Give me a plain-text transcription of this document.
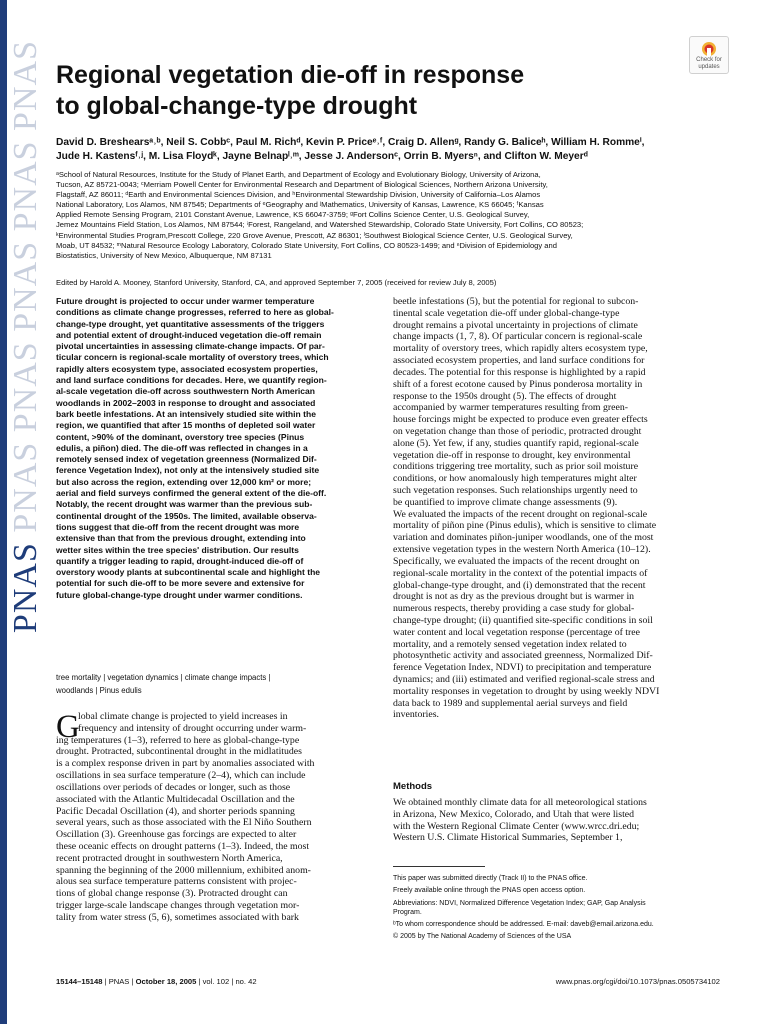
PNAS PNAS PNAS PNAS PNAS PNAS	Check for updates
Regional vegetation die-off in response
to global-change-type drought
David D. Breshearsᵃ˒ᵇ, Neil S. Cobbᶜ, Paul M. Richᵈ, Kevin P. Priceᵉ˒ᶠ, Craig D. Allenᵍ, Randy G. Baliceʰ, William H. Rommeⁱ,
Jude H. Kastensᶠ˒ʲ, M. Lisa Floydᵏ, Jayne Belnapˡ˒ᵐ, Jesse J. Andersonᶜ, Orrin B. Myersⁿ, and Clifton W. Meyerᵈ
ᵃSchool of Natural Resources, Institute for the Study of Planet Earth, and Department of Ecology and Evolutionary Biology, University of Arizona,
Tucson, AZ 85721-0043; ᶜMerriam Powell Center for Environmental Research and Department of Biological Sciences, Northern Arizona University,
Flagstaff, AZ 86011; ᵈEarth and Environmental Sciences Division, and ʰEnvironmental Stewardship Division, University of California–Los Alamos
National Laboratory, Los Alamos, NM 87545; Departments of ᵉGeography and ʲMathematics, University of Kansas, Lawrence, KS 66045; ᶠKansas
Applied Remote Sensing Program, 2101 Constant Avenue, Lawrence, KS 66047-3759; ᵍFort Collins Science Center, U.S. Geological Survey,
Jemez Mountains Field Station, Los Alamos, NM 87544; ⁱForest, Rangeland, and Watershed Stewardship, Colorado State University, Fort Collins, CO 80523;
ᵏEnvironmental Studies Program,Prescott College, 220 Grove Avenue, Prescott, AZ 86301; ˡSouthwest Biological Science Center, U.S. Geological Survey,
Moab, UT 84532; ᵐNatural Resource Ecology Laboratory, Colorado State University, Fort Collins, CO 80523-1499; and ⁿDivision of Epidemiology and
Biostatistics, University of New Mexico, Albuquerque, NM 87131
Edited by Harold A. Mooney, Stanford University, Stanford, CA, and approved September 7, 2005 (received for review July 8, 2005)
Future drought is projected to occur under warmer temperature
conditions as climate change progresses, referred to here as global-
change-type drought, yet quantitative assessments of the triggers
and potential extent of drought-induced vegetation die-off remain
pivotal uncertainties in assessing climate-change impacts. Of par-
ticular concern is regional-scale mortality of overstory trees, which
rapidly alters ecosystem type, associated ecosystem properties,
and land surface conditions for decades. Here, we quantify region-
al-scale vegetation die-off across southwestern North American
woodlands in 2002–2003 in response to drought and associated
bark beetle infestations. At an intensively studied site within the
region, we quantified that after 15 months of depleted soil water
content, >90% of the dominant, overstory tree species (Pinus
edulis, a piñon) died. The die-off was reflected in changes in a
remotely sensed index of vegetation greenness (Normalized Dif-
ference Vegetation Index), not only at the intensively studied site
but also across the region, extending over 12,000 km² or more;
aerial and field surveys confirmed the general extent of the die-off.
Notably, the recent drought was warmer than the previous sub-
continental drought of the 1950s. The limited, available observa-
tions suggest that die-off from the recent drought was more
extensive than that from the previous drought, extending into
wetter sites within the tree species' distribution. Our results
quantify a trigger leading to rapid, drought-induced die-off of
overstory woody plants at subcontinental scale and highlight the
potential for such die-off to be more severe and extensive for
future global-change-type drought under warmer conditions.
tree mortality | vegetation dynamics | climate change impacts |
woodlands | Pinus edulis
G
lobal climate change is projected to yield increases in
frequency and intensity of drought occurring under warm-
ing temperatures (1–3), referred to here as global-change-type
drought. Protracted, subcontinental drought in the midlatitudes
is a complex response driven in part by anomalies associated with
oscillations in sea surface temperature (2–4), which can include
oscillations over periods of decades or longer, such as those
associated with the Atlantic Multidecadal Oscillation and the
Pacific Decadal Oscillation (4), and shorter periods spanning
several years, such as those associated with the El Niño Southern
Oscillation (3). Greenhouse gas forcings are expected to alter
these oceanic effects on drought patterns (1–3). Indeed, the most
recent protracted drought in southwestern North America,
spanning the beginning of the 2000 millennium, exhibited anom-
alous sea surface temperature patterns consistent with projec-
tions of global change response (3). Protracted drought can
trigger large-scale landscape changes through vegetation mor-
tality from water stress (5, 6), sometimes associated with bark
beetle infestations (5), but the potential for regional to subcon-
tinental scale vegetation die-off under global-change-type
drought remains a pivotal uncertainty in projections of climate
change impacts (1, 7, 8). Of particular concern is regional-scale
mortality of overstory trees, which rapidly alters ecosystem type,
associated ecosystem properties, and land surface conditions for
decades. The potential for this response is highlighted by a rapid
shift of a forest ecotone caused by Pinus ponderosa mortality in
response to the 1950s drought (5). The effects of drought
accompanied by warmer temperatures resulting from green-
house forcings might be expected to produce even greater effects
on vegetation change than those of periodic, protracted drought
alone (5). Yet few, if any, studies quantify rapid, regional-scale
vegetation die-off in response to drought, key environmental
conditions triggering tree mortality, such as prior soil moisture
conditions, or how anomalously high temperatures might alter
such vegetation responses. Such relationships urgently need to
be quantified to improve climate change assessments (9).
We evaluated the impacts of the recent drought on regional-scale
mortality of piñon pine (Pinus edulis), which is sensitive to climate
variation and dominates piñon-juniper woodlands, one of the most
extensive vegetation types in the western North America (10–12).
Specifically, we evaluated the impacts of the recent drought on
regional-scale mortality in the context of the potential impacts of
global-change-type drought, and (i) demonstrated that the recent
drought is not as dry as the previous drought but is warmer in
numerous respects, thereby providing a case study for global-
change-type drought; (ii) quantified site-specific conditions in soil
water content and local vegetation response (percentage of tree
mortality, and a remotely sensed vegetation index related to
photosynthetic activity and associated greenness, Normalized Dif-
ference Vegetation Index, NDVI) to precipitation and temperature
dynamics; and (iii) estimated and verified regional-scale stress and
mortality responses in vegetation to drought by using weekly NDVI
data back to 1989 and supplemental aerial surveys and field
inventories.
Methods
We obtained monthly climate data for all meteorological stations
in Arizona, New Mexico, Colorado, and Utah that were listed
with the Western Regional Climate Center (www.wrcc.dri.edu;
Western U.S. Climate Historical Summaries, September 1,
This paper was submitted directly (Track II) to the PNAS office.
Freely available online through the PNAS open access option.
Abbreviations: NDVI, Normalized Difference Vegetation Index; GAP, Gap Analysis
Program.
ᵇTo whom correspondence should be addressed. E-mail: daveb@email.arizona.edu.
© 2005 by The National Academy of Sciences of the USA
15144–15148 | PNAS | October 18, 2005 | vol. 102 | no. 42	www.pnas.org/cgi/doi/10.1073/pnas.0505734102
